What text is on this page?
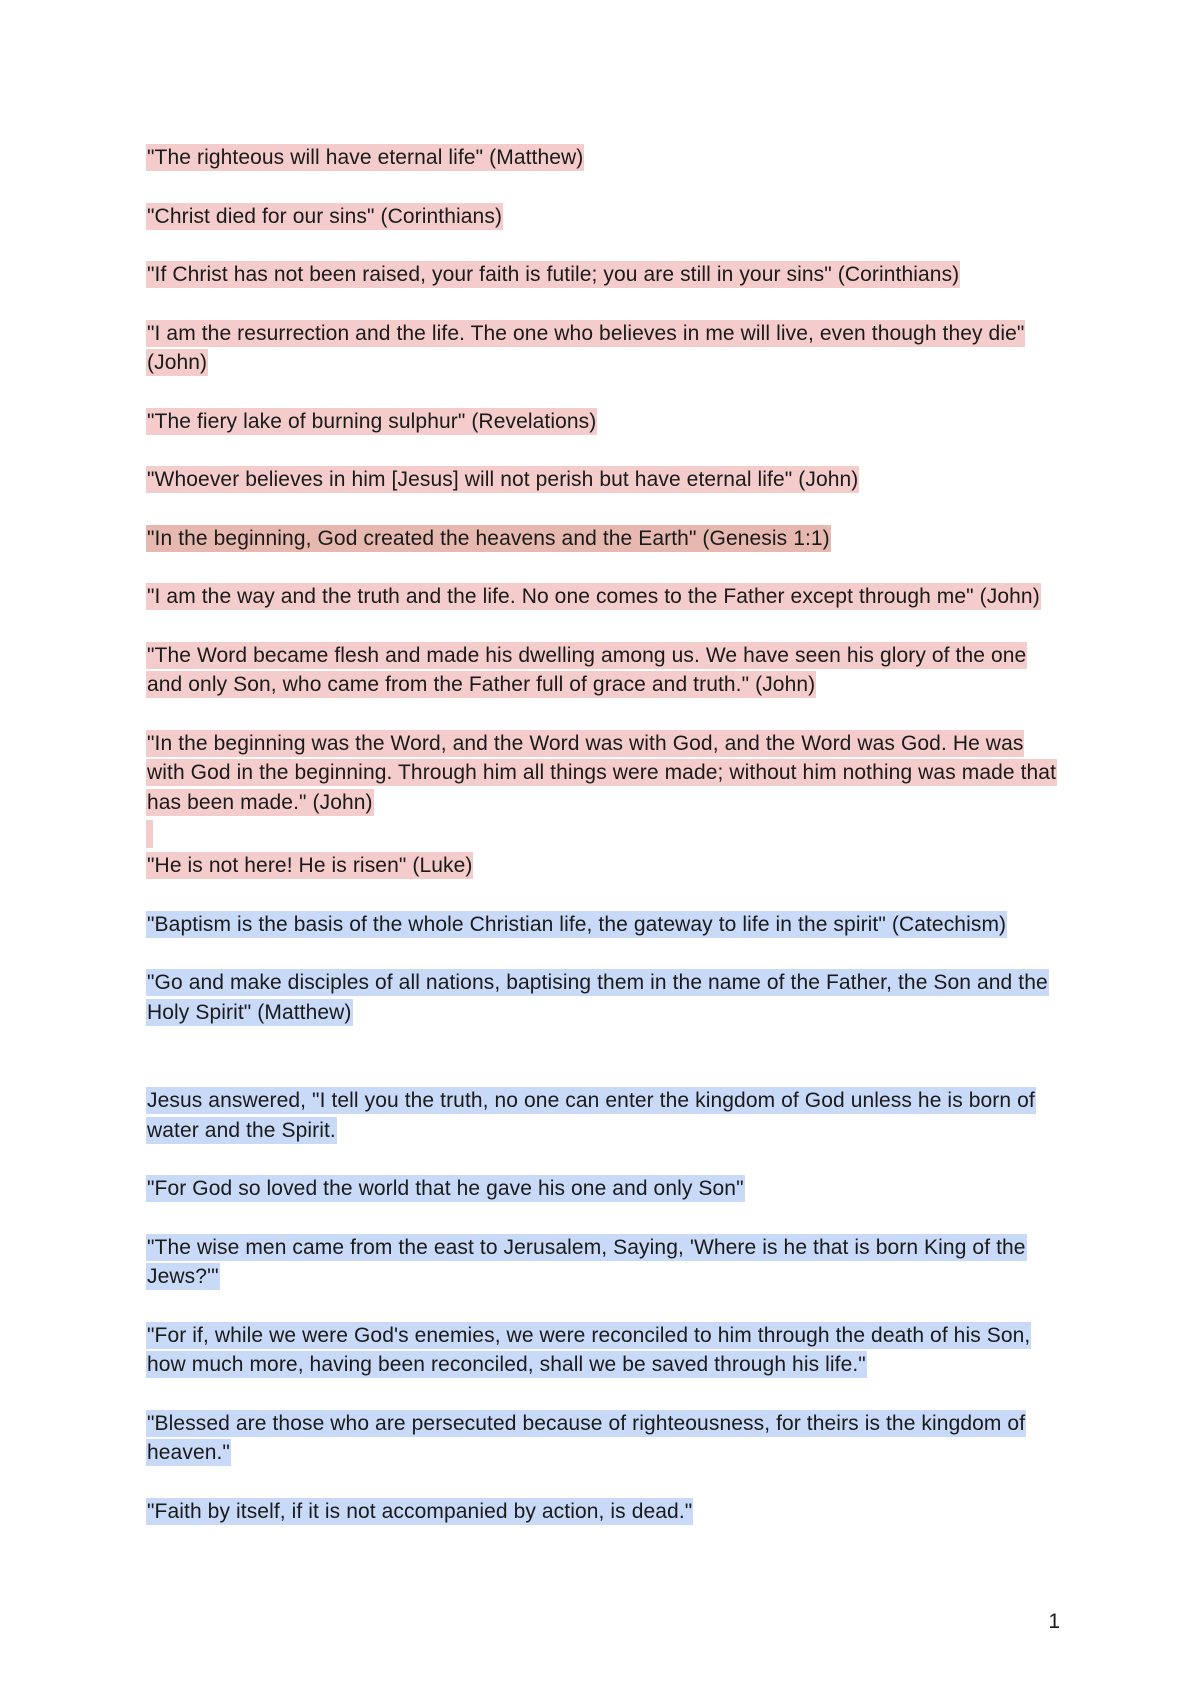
"The righteous will have eternal life" (Matthew)

"Christ died for our sins" (Corinthians)

"If Christ has not been raised, your faith is futile; you are still in your sins" (Corinthians)

"I am the resurrection and the life. The one who believes in me will live, even though they die" (John)

"The fiery lake of burning sulphur" (Revelations)

"Whoever believes in him [Jesus] will not perish but have eternal life" (John)

"In the beginning, God created the heavens and the Earth" (Genesis 1:1)

"I am the way and the truth and the life. No one comes to the Father except through me" (John)

"The Word became flesh and made his dwelling among us. We have seen his glory of the one and only Son, who came from the Father full of grace and truth." (John)

"In the beginning was the Word, and the Word was with God, and the Word was God. He was with God in the beginning. Through him all things were made; without him nothing was made that has been made." (John)

"He is not here! He is risen" (Luke)

"Baptism is the basis of the whole Christian life, the gateway to life in the spirit" (Catechism)

"Go and make disciples of all nations, baptising them in the name of the Father, the Son and the Holy Spirit" (Matthew)

Jesus answered, "I tell you the truth, no one can enter the kingdom of God unless he is born of water and the Spirit.

"For God so loved the world that he gave his one and only Son"

"The wise men came from the east to Jerusalem, Saying, 'Where is he that is born King of the Jews?'"

"For if, while we were God's enemies, we were reconciled to him through the death of his Son, how much more, having been reconciled, shall we be saved through his life."

"Blessed are those who are persecuted because of righteousness, for theirs is the kingdom of heaven."

"Faith by itself, if it is not accompanied by action, is dead."

1
